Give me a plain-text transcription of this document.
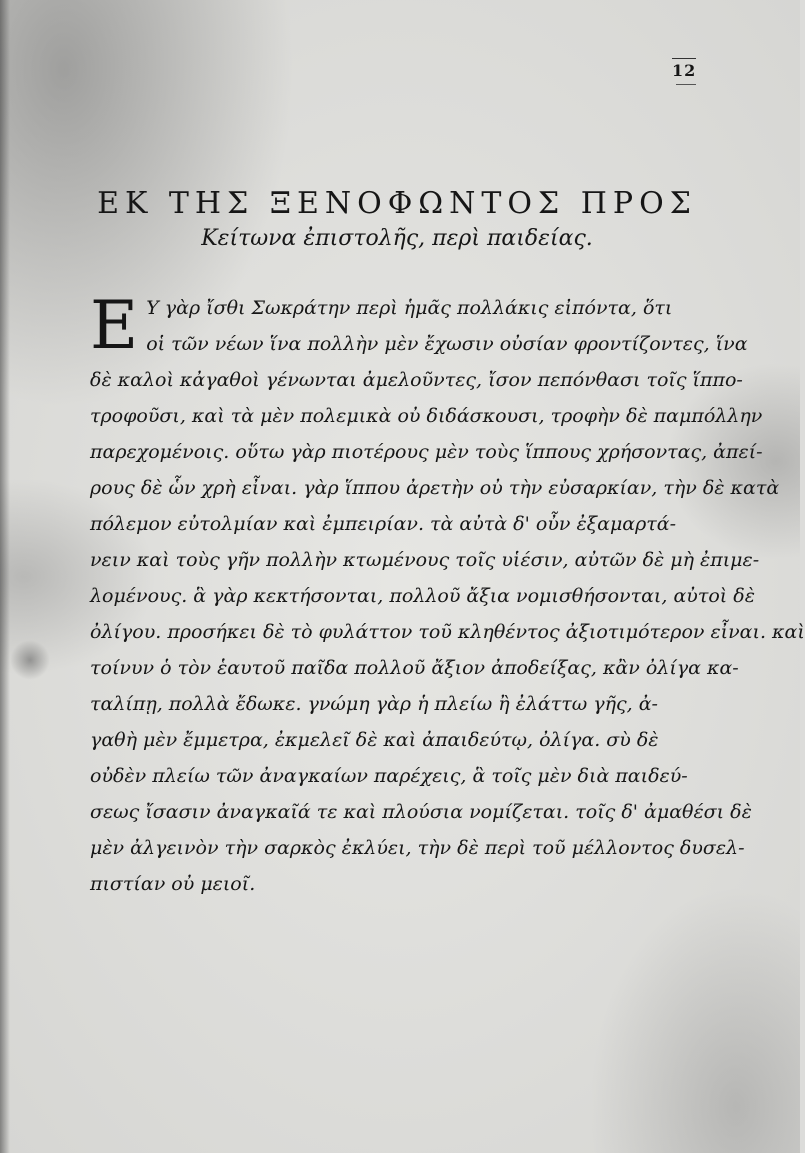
12
ΕΚ ΤΗΣ ΞΕΝΟΦΩΝΤΟΣ ΠΡΟΣ
Κείτωνα ἐπιστολῆς, περὶ παιδείας.
Ε Υ γὰρ ἴσθι Σωκράτην περὶ ἡμᾶς πολλάκις εἰπόντα, ὅτι
οἱ τῶν νέων ἵνα πολλὴν μὲν ἔχωσιν οὐσίαν φροντίζοντες, ἵνα
δὲ καλοὶ κἀγαθοὶ γένωνται ἀμελοῦντες, ἴσον πεπόνθασι τοῖς ἵππο-
τροφοῦσι, καὶ τὰ μὲν πολεμικὰ οὐ διδάσκουσι, τροφὴν δὲ παμπόλλην
παρεχομένοις. οὕτω γὰρ πιοτέρους μὲν τοὺς ἵππους χρήσοντας, ἀπεί-
ρους δὲ ὧν χρὴ εἶναι. γὰρ ἵππου ἀρετὴν οὐ τὴν εὐσαρκίαν, τὴν δὲ κατὰ
πόλεμον εὐτολμίαν καὶ ἐμπειρίαν. τὰ αὐτὰ δ' οὖν ἐξαμαρτά-
νειν καὶ τοὺς γῆν πολλὴν κτωμένους τοῖς υἱέσιν, αὐτῶν δὲ μὴ ἐπιμε-
λομένους. ἃ γὰρ κεκτήσονται, πολλοῦ ἄξια νομισθήσονται, αὐτοὶ δὲ
ὀλίγου. προσήκει δὲ τὸ φυλάττον τοῦ κληθέντος ἀξιοτιμότερον εἶναι. καὶ
τοίνυν ὁ τὸν ἑαυτοῦ παῖδα πολλοῦ ἄξιον ἀποδείξας, κἂν ὀλίγα κα-
ταλίπῃ, πολλὰ ἔδωκε. γνώμη γὰρ ἡ πλείω ἢ ἐλάττω γῆς, ἀ-
γαθὴ μὲν ἔμμετρα, ἐκμελεῖ δὲ καὶ ἀπαιδεύτῳ, ὀλίγα. σὺ δὲ
οὐδὲν πλείω τῶν ἀναγκαίων παρέχεις, ἃ τοῖς μὲν διὰ παιδεύ-
σεως ἴσασιν ἀναγκαῖά τε καὶ πλούσια νομίζεται. τοῖς δ' ἀμαθέσι δὲ
μὲν ἀλγεινὸν τὴν σαρκὸς ἐκλύει, τὴν δὲ περὶ τοῦ μέλλοντος δυσελ-
πιστίαν οὐ μειοῖ.
